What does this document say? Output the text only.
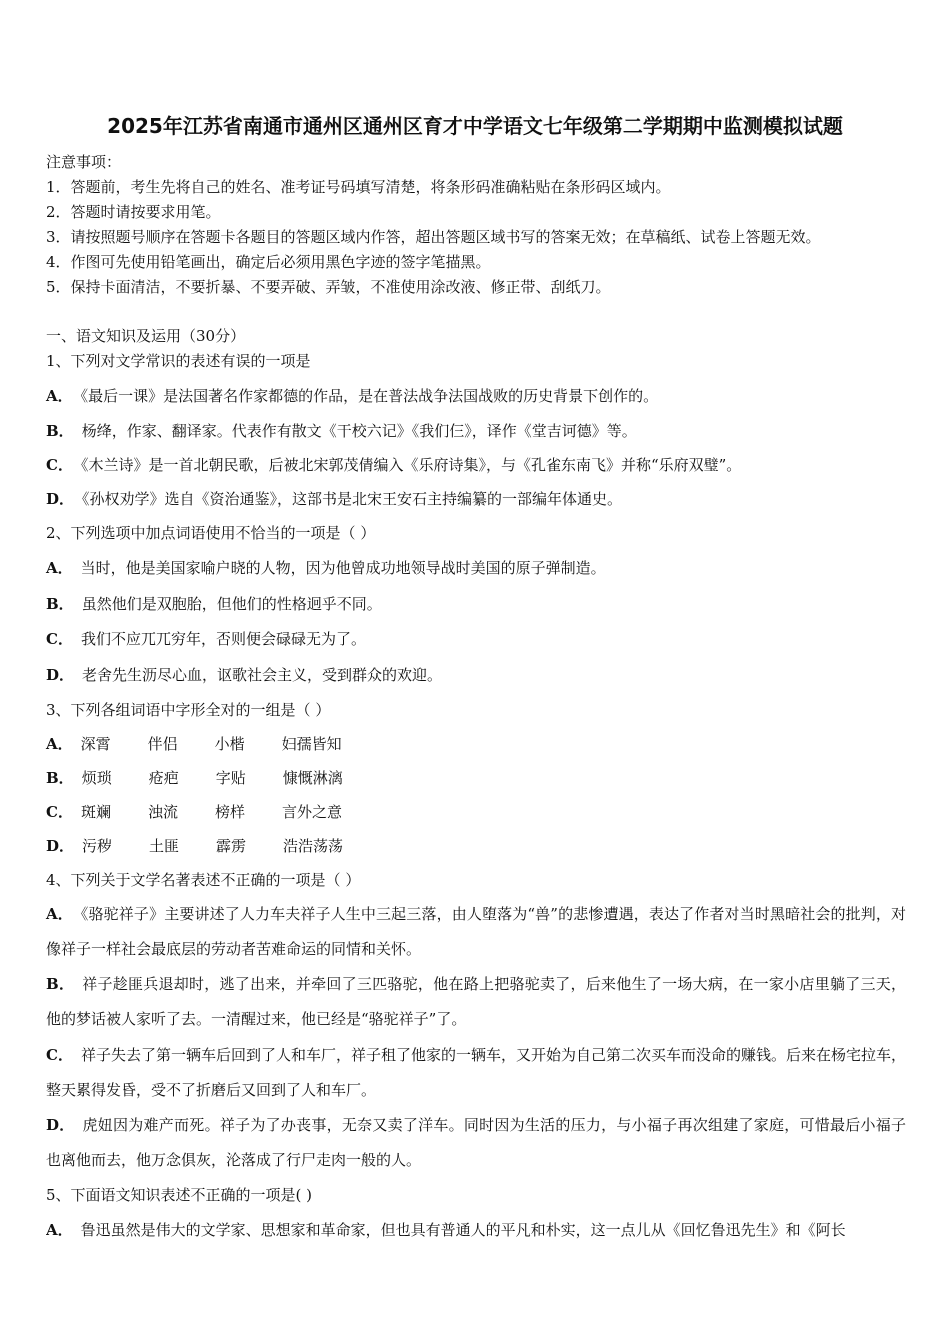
2025年江苏省南通市通州区通州区育才中学语文七年级第二学期期中监测模拟试题
注意事项：
1．答题前，考生先将自己的姓名、准考证号码填写清楚，将条形码准确粘贴在条形码区域内。
2．答题时请按要求用笔。
3．请按照题号顺序在答题卡各题目的答题区域内作答，超出答题区域书写的答案无效；在草稿纸、试卷上答题无效。
4．作图可先使用铅笔画出，确定后必须用黑色字迹的签字笔描黑。
5．保持卡面清洁，不要折暴、不要弄破、弄皱，不准使用涂改液、修正带、刮纸刀。
一、语文知识及运用（30分）
1、下列对文学常识的表述有误的一项是
A． 《最后一课》是法国著名作家都德的作品，是在普法战争法国战败的历史背景下创作的。
B． 杨绛，作家、翻译家。代表作有散文《干校六记》《我们仨》，译作《堂吉诃德》等。
C． 《木兰诗》是一首北朝民歌，后被北宋郭茂倩编入《乐府诗集》，与《孔雀东南飞》并称“乐府双璧”。
D． 《孙权劝学》选自《资治通鉴》，这部书是北宋王安石主持编纂的一部编年体通史。
2、下列选项中加点词语使用不恰当的一项是（ ）
A． 当时，他是美国家喻户晓的人物，因为他曾成功地领导战时美国的原子弹制造。
B． 虽然他们是双胞胎，但他们的性格迥乎不同。
C． 我们不应兀兀穷年，否则便会碌碌无为了。
D． 老舍先生沥尽心血，讴歌社会主义，受到群众的欢迎。
3、下列各组词语中字形全对的一组是（ ）
A． 深霄 伴侣 小楷 妇孺皆知
B． 烦琐 疮疤 字贴 慷慨淋漓
C． 斑斓 浊流 榜样 言外之意
D． 污秽 土匪 霹雳 浩浩荡荡
4、下列关于文学名著表述不正确的一项是（ ）
A． 《骆驼祥子》主要讲述了人力车夫祥子人生中三起三落，由人堕落为“兽”的悲惨遭遇，表达了作者对当时黑暗社会的批判，对像祥子一样社会最底层的劳动者苦难命运的同情和关怀。
B． 祥子趁匪兵退却时，逃了出来，并牵回了三匹骆驼，他在路上把骆驼卖了，后来他生了一场大病，在一家小店里躺了三天，他的梦话被人家听了去。一清醒过来，他已经是“骆驼祥子”了。
C． 祥子失去了第一辆车后回到了人和车厂，祥子租了他家的一辆车，又开始为自己第二次买车而没命的赚钱。后来在杨宅拉车，整天累得发昏，受不了折磨后又回到了人和车厂。
D． 虎妞因为难产而死。祥子为了办丧事，无奈又卖了洋车。同时因为生活的压力，与小福子再次组建了家庭，可惜最后小福子也离他而去，他万念俱灰，沦落成了行尸走肉一般的人。
5、下面语文知识表述不正确的一项是( )
A． 鲁迅虽然是伟大的文学家、思想家和革命家，但也具有普通人的平凡和朴实，这一点儿从《回忆鲁迅先生》和《阿长
